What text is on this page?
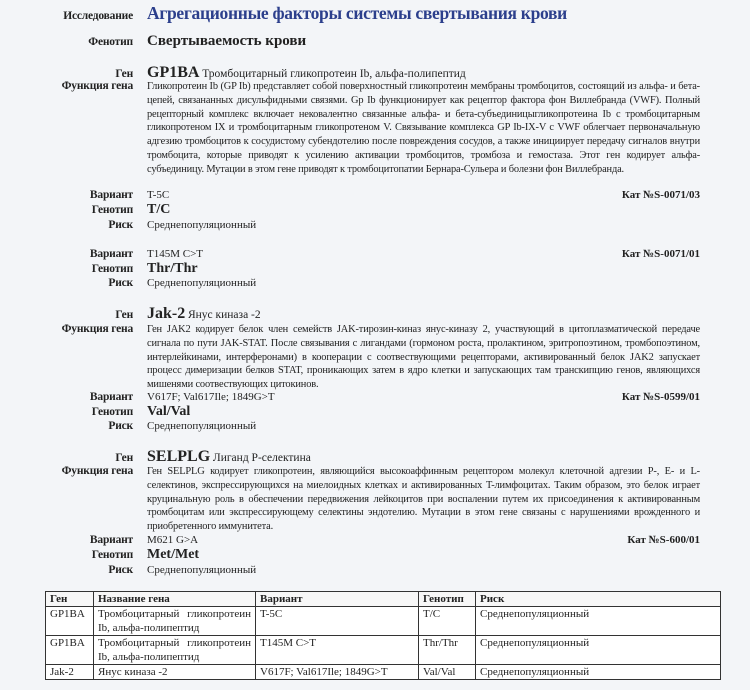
Исследование Агрегационные факторы системы свертывания крови
Фенотип Свертываемость крови
Ген GP1BA Тромбоцитарный гликопротеин Ib, альфа-полипептид
Функция гена Гликопротеин Ib (GP Ib) представляет собой поверхностный гликопротеин мембраны тромбоцитов, состоящий из альфа- и бета-цепей, связананных дисульфидными связями. Gp Ib функционирует как рецептор фактора фон Виллебранда (VWF). Полный рецепторный комплекс включает нековалентно связанные альфа- и бета-субъединицыгликопротеина Ib с тромбоцитарным гликопротеном IX и тромбоцитарным гликопротеном V. Связывание комплекса GP Ib-IX-V с VWF облегчает первоначальную адгезию тромбоцитов к сосудистому субендотелию после повреждения сосудов, а также инициирует передачу сигналов внутри тромбоцита, которые приводят к усилению активации тромбоцитов, тромбоза и гемостаза. Этот ген кодирует альфа-субъединицу. Мутации в этом гене приводят к тромбоцитопатии Бернара-Сульера и болезни фон Виллебранда.
Вариант T-5C	Кат №S-0071/03
Генотип T/C
Риск Среднепопуляционный
Вариант T145M C>T	Кат №S-0071/01
Генотип Thr/Thr
Риск Среднепопуляционный
Ген Jak-2 Янус киназа -2
Функция гена Ген JAK2 кодирует белок член семейств JAK-тирозин-киназ янус-киназу 2, участвующий в цитоплазматической передаче сигнала по пути JAK-STAT. После связывания с лигандами (гормоном роста, пролактином, эритропоэтином, тромбопоэтином, интерлейкинами, интерферонами) в кооперации с соотвествующими рецепторами, активированный белок JAK2 запускает процесс димеризации белков STAT, проникающих затем в ядро клетки и запускающих там транскипцию генов, являющихся мишенями соотвествующих цитокинов.
Вариант V617F; Val617Ile; 1849G>T	Кат №S-0599/01
Генотип Val/Val
Риск Среднепопуляционный
Ген SELPLG Лиганд P-селектина
Функция гена Ген SELPLG кодирует гликопротеин, являющийся высокоаффинным рецептором молекул клеточной адгезии P-, E- и L-селектинов, экспрессирующихся на миелоидных клетках и активированных T-лимфоцитах. Таким образом, это белок играет круцинальную роль в обеспечении передвижения лейкоцитов при воспалении путем их присоединения к активированным тромбоцитам или экспрессирующему селектины эндотелию. Мутации в этом гене связаны с нарушениями врожденного и приобретенного иммунитета.
Вариант M621 G>A	Кат №S-600/01
Генотип Met/Met
Риск Среднепопуляционный
Ген	Название гена	Вариант	Генотип	Риск
GP1BA	Тромбоцитарный гликопротеин Ib, альфа-полипептид	T-5C	T/C	Среднепопуляционный
GP1BA	Тромбоцитарный гликопротеин Ib, альфа-полипептид	T145M C>T	Thr/Thr	Среднепопуляционный
Jak-2	Янус киназа -2	V617F; Val617Ile; 1849G>T	Val/Val	Среднепопуляционный
